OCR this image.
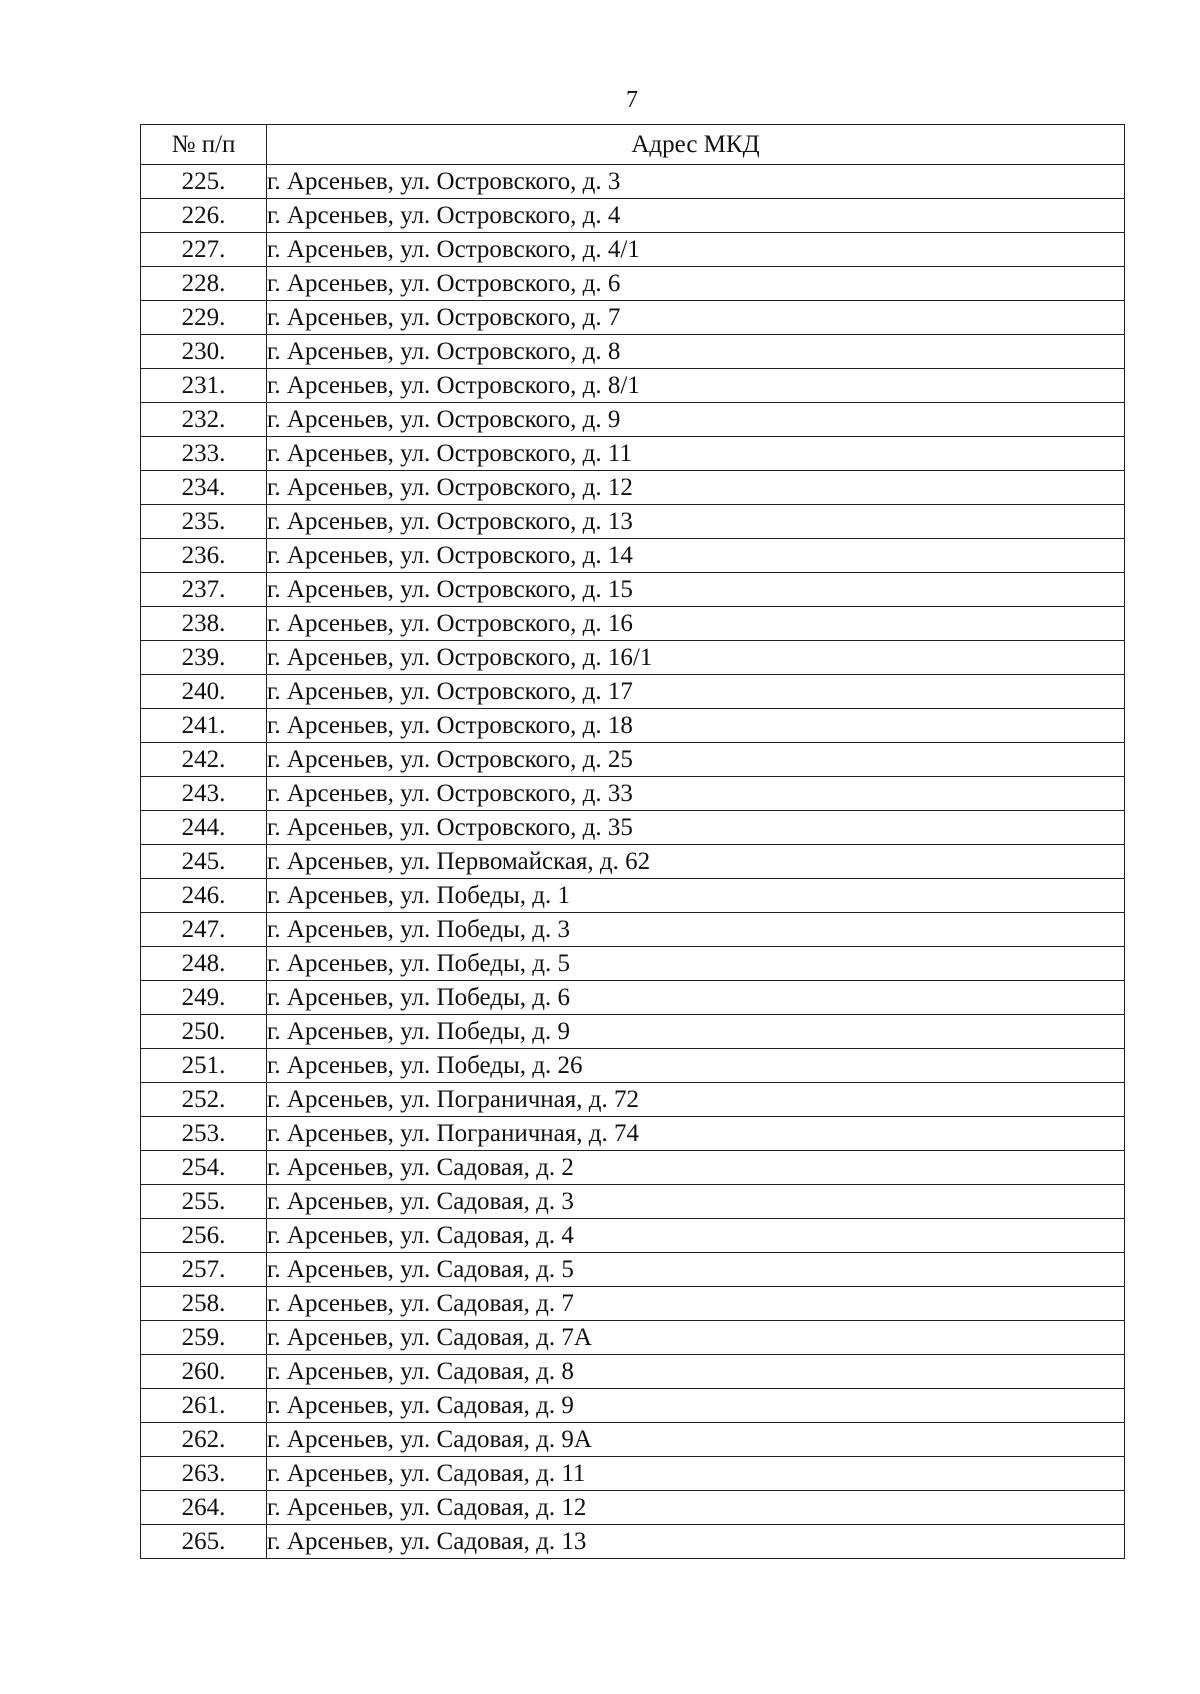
7
№ п/п	Адрес МКД
225.	г. Арсеньев, ул. Островского, д. 3
226.	г. Арсеньев, ул. Островского, д. 4
227.	г. Арсеньев, ул. Островского, д. 4/1
228.	г. Арсеньев, ул. Островского, д. 6
229.	г. Арсеньев, ул. Островского, д. 7
230.	г. Арсеньев, ул. Островского, д. 8
231.	г. Арсеньев, ул. Островского, д. 8/1
232.	г. Арсеньев, ул. Островского, д. 9
233.	г. Арсеньев, ул. Островского, д. 11
234.	г. Арсеньев, ул. Островского, д. 12
235.	г. Арсеньев, ул. Островского, д. 13
236.	г. Арсеньев, ул. Островского, д. 14
237.	г. Арсеньев, ул. Островского, д. 15
238.	г. Арсеньев, ул. Островского, д. 16
239.	г. Арсеньев, ул. Островского, д. 16/1
240.	г. Арсеньев, ул. Островского, д. 17
241.	г. Арсеньев, ул. Островского, д. 18
242.	г. Арсеньев, ул. Островского, д. 25
243.	г. Арсеньев, ул. Островского, д. 33
244.	г. Арсеньев, ул. Островского, д. 35
245.	г. Арсеньев, ул. Первомайская, д. 62
246.	г. Арсеньев, ул. Победы, д. 1
247.	г. Арсеньев, ул. Победы, д. 3
248.	г. Арсеньев, ул. Победы, д. 5
249.	г. Арсеньев, ул. Победы, д. 6
250.	г. Арсеньев, ул. Победы, д. 9
251.	г. Арсеньев, ул. Победы, д. 26
252.	г. Арсеньев, ул. Пограничная, д. 72
253.	г. Арсеньев, ул. Пограничная, д. 74
254.	г. Арсеньев, ул. Садовая, д. 2
255.	г. Арсеньев, ул. Садовая, д. 3
256.	г. Арсеньев, ул. Садовая, д. 4
257.	г. Арсеньев, ул. Садовая, д. 5
258.	г. Арсеньев, ул. Садовая, д. 7
259.	г. Арсеньев, ул. Садовая, д. 7А
260.	г. Арсеньев, ул. Садовая, д. 8
261.	г. Арсеньев, ул. Садовая, д. 9
262.	г. Арсеньев, ул. Садовая, д. 9А
263.	г. Арсеньев, ул. Садовая, д. 11
264.	г. Арсеньев, ул. Садовая, д. 12
265.	г. Арсеньев, ул. Садовая, д. 13
